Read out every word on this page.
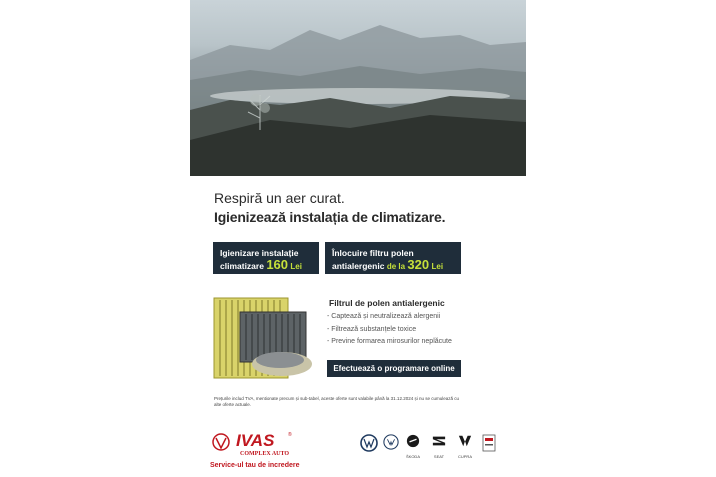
Respiră un aer curat.
Igienizează instalația de climatizare.
Igienizare instalație
climatizare 160 Lei
Înlocuire filtru polen
antialergenic de la 320 Lei
Filtrul de polen antialergenic
- Captează și neutralizează alergenii
- Filtrează substanțele toxice
- Previne formarea mirosurilor neplăcute
Efectuează o programare online
Prețurile includ TVA, mentionate precum și sub-tabel, aceste oferte sunt valabile până la 31.12.2024 și nu se cumulează cu alte oferte actuale.
IVAS	®
COMPLEX AUTO
Service-ul tau de incredere
ŠKODA	SEAT	CUPRA
